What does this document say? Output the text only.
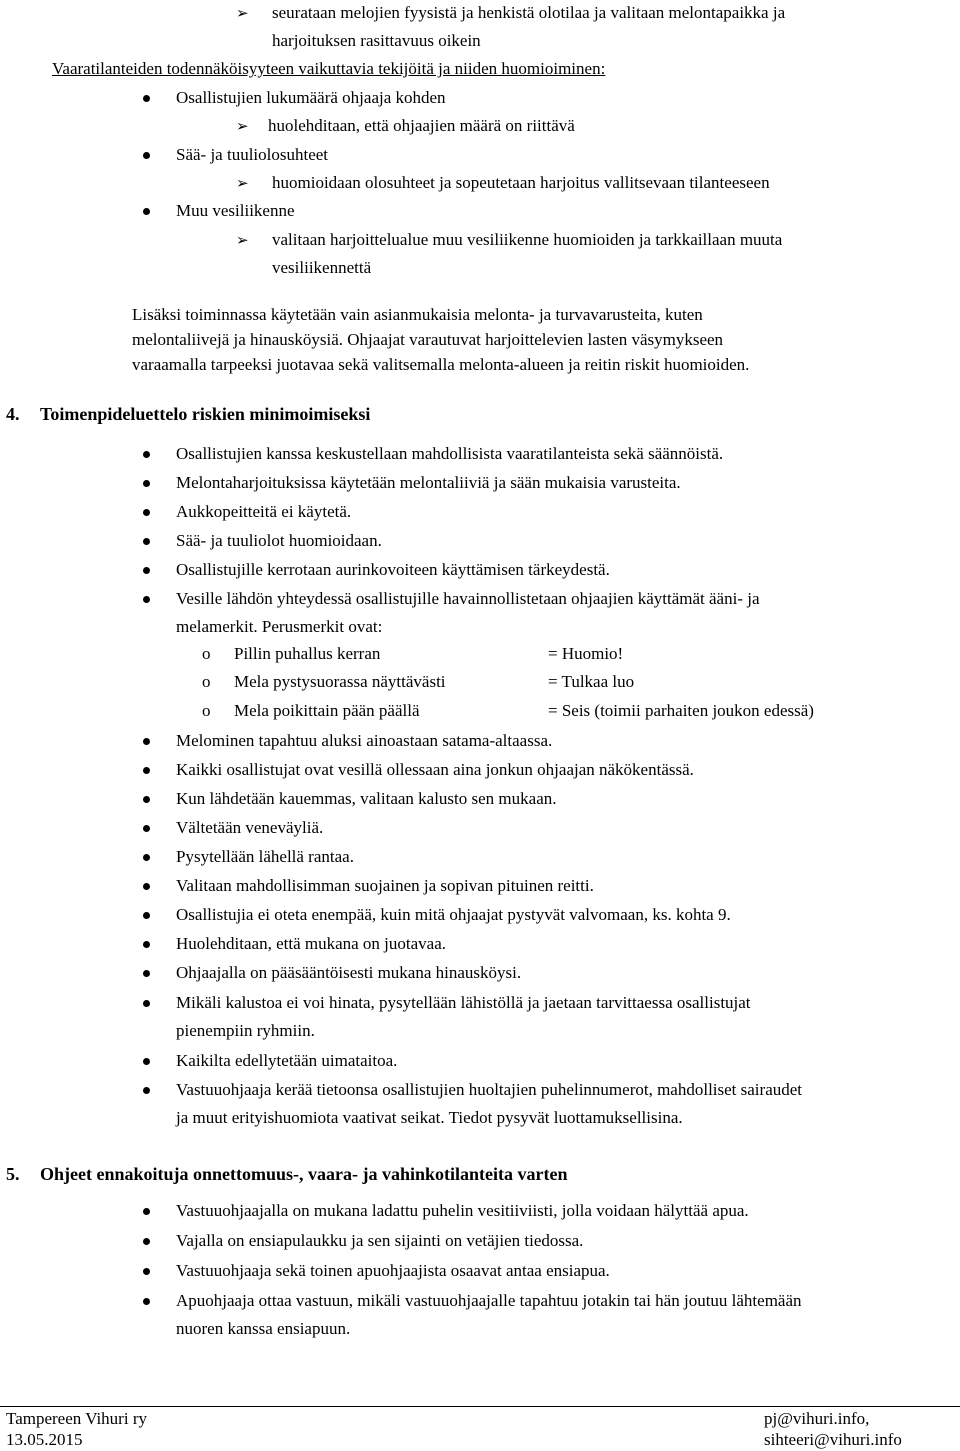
➢ seurataan melojien fyysistä ja henkistä olotilaa ja valitaan melontapaikka ja
harjoituksen rasittavuus oikein
Vaaratilanteiden todennäköisyyteen vaikuttavia tekijöitä ja niiden huomioiminen:
Osallistujien lukumäärä ohjaaja kohden
➢ huolehditaan, että ohjaajien määrä on riittävä
Sää- ja tuuliolosuhteet
➢ huomioidaan olosuhteet ja sopeutetaan harjoitus vallitsevaan tilanteeseen
Muu vesiliikenne
➢ valitaan harjoittelualue muu vesiliikenne huomioiden ja tarkkaillaan muuta
vesiliikennettä
Lisäksi toiminnassa käytetään vain asianmukaisia melonta- ja turvavarusteita, kuten
melontaliivejä ja hinausköysiä. Ohjaajat varautuvat harjoittelevien lasten väsymykseen
varaamalla tarpeeksi juotavaa sekä valitsemalla melonta-alueen ja reitin riskit huomioiden.
4. Toimenpideluettelo riskien minimoimiseksi
Osallistujien kanssa keskustellaan mahdollisista vaaratilanteista sekä säännöistä.
Melontaharjoituksissa käytetään melontaliiviä ja sään mukaisia varusteita.
Aukkopeitteitä ei käytetä.
Sää- ja tuuliolot huomioidaan.
Osallistujille kerrotaan aurinkovoiteen käyttämisen tärkeydestä.
Vesille lähdön yhteydessä osallistujille havainnollistetaan ohjaajien käyttämät ääni- ja
melamerkit. Perusmerkit ovat:
o Pillin puhallus kerran	= Huomio!
o Mela pystysuorassa näyttävästi	= Tulkaa luo
o Mela poikittain pään päällä	= Seis (toimii parhaiten joukon edessä)
Melominen tapahtuu aluksi ainoastaan satama-altaassa.
Kaikki osallistujat ovat vesillä ollessaan aina jonkun ohjaajan näkökentässä.
Kun lähdetään kauemmas, valitaan kalusto sen mukaan.
Vältetään veneväyliä.
Pysytellään lähellä rantaa.
Valitaan mahdollisimman suojainen ja sopivan pituinen reitti.
Osallistujia ei oteta enempää, kuin mitä ohjaajat pystyvät valvomaan, ks. kohta 9.
Huolehditaan, että mukana on juotavaa.
Ohjaajalla on pääsääntöisesti mukana hinausköysi.
Mikäli kalustoa ei voi hinata, pysytellään lähistöllä ja jaetaan tarvittaessa osallistujat
pienempiin ryhmiin.
Kaikilta edellytetään uimataitoa.
Vastuuohjaaja kerää tietoonsa osallistujien huoltajien puhelinnumerot, mahdolliset sairaudet
ja muut erityishuomiota vaativat seikat. Tiedot pysyvät luottamuksellisina.
5. Ohjeet ennakoituja onnettomuus-, vaara- ja vahinkotilanteita varten
Vastuuohjaajalla on mukana ladattu puhelin vesitiiviisti, jolla voidaan hälyttää apua.
Vajalla on ensiapulaukku ja sen sijainti on vetäjien tiedossa.
Vastuuohjaaja sekä toinen apuohjaajista osaavat antaa ensiapua.
Apuohjaaja ottaa vastuun, mikäli vastuuohjaajalle tapahtuu jotakin tai hän joutuu lähtemään
nuoren kanssa ensiapuun.
Tampereen Vihuri ry
13.05.2015
pj@vihuri.info,
sihteeri@vihuri.info
